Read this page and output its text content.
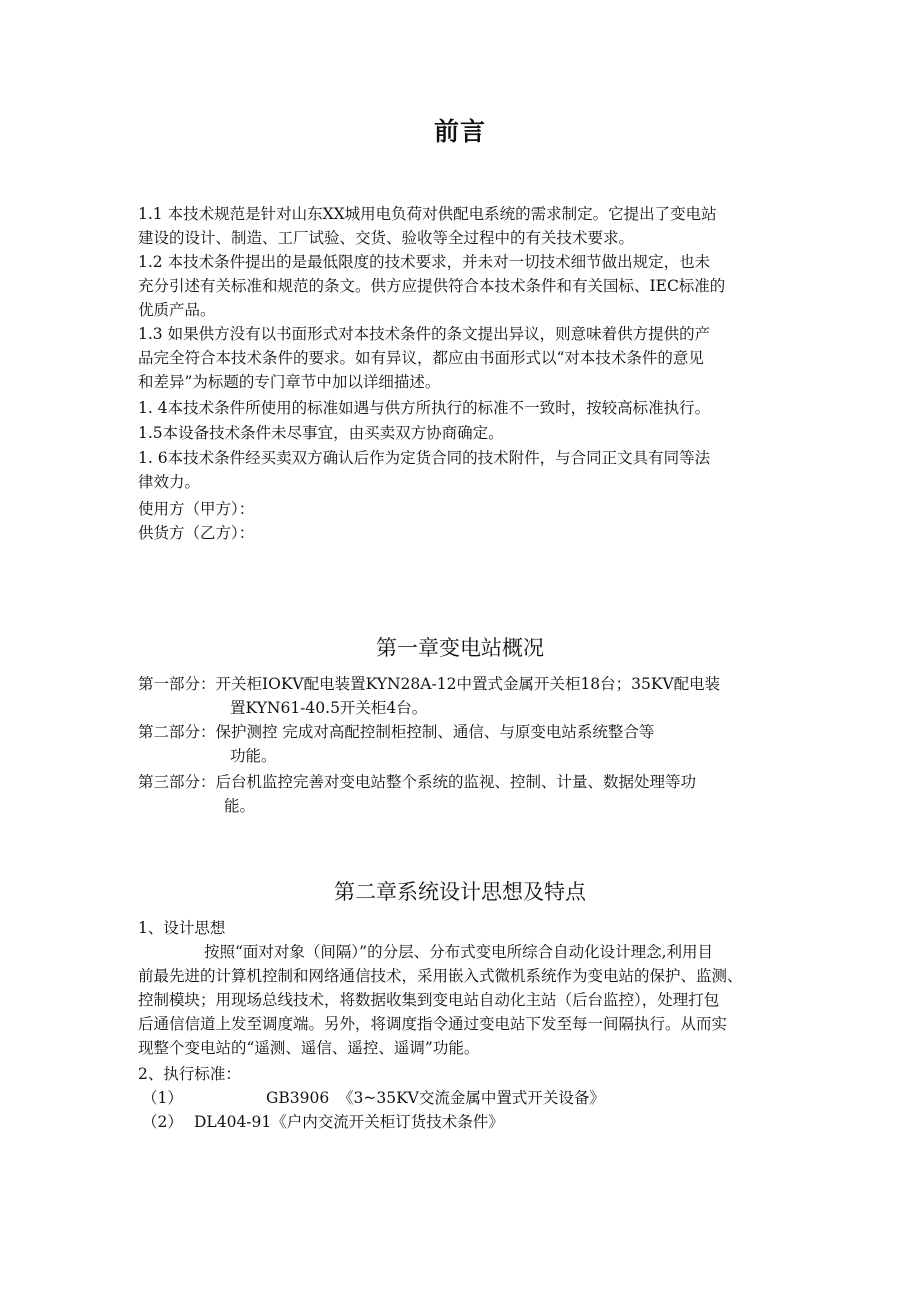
前言
1.1 本技术规范是针对山东XX城用电负荷对供配电系统的需求制定。它提出了变电站
建设的设计、制造、工厂试验、交货、验收等全过程中的有关技术要求。
1.2 本技术条件提出的是最低限度的技术要求，并未对一切技术细节做出规定，也未
充分引述有关标准和规范的条文。供方应提供符合本技术条件和有关国标、IEC标准的
优质产品。
1.3 如果供方没有以书面形式对本技术条件的条文提出异议，则意味着供方提供的产
品完全符合本技术条件的要求。如有异议，都应由书面形式以“对本技术条件的意见
和差异”为标题的专门章节中加以详细描述。
1. 4本技术条件所使用的标准如遇与供方所执行的标准不一致时，按较高标准执行。
1.5本设备技术条件未尽事宜，由买卖双方协商确定。
1. 6本技术条件经买卖双方确认后作为定货合同的技术附件，与合同正文具有同等法
律效力。
使用方（甲方）：
供货方（乙方）：
第一章变电站概况
第一部分：开关柜IOKV配电装置KYN28A-12中置式金属开关柜18台；35KV配电装
置KYN61-40.5开关柜4台。
第二部分：保护测控 完成对高配控制柜控制、通信、与原变电站系统整合等
功能。
第三部分：后台机监控完善对变电站整个系统的监视、控制、计量、数据处理等功
能。
第二章系统设计思想及特点
1、设计思想
按照“面对对象（间隔）”的分层、分布式变电所综合自动化设计理念,利用目
前最先进的计算机控制和网络通信技术，采用嵌入式微机系统作为变电站的保护、监测、
控制模块；用现场总线技术，将数据收集到变电站自动化主站（后台监控），处理打包
后通信信道上发至调度端。另外，将调度指令通过变电站下发至每一间隔执行。从而实
现整个变电站的“遥测、遥信、遥控、遥调”功能。
2、执行标准：
（1）	GB3906 《3~35KV交流金属中置式开关设备》
（2） DL404-91《户内交流开关柜订货技术条件》
